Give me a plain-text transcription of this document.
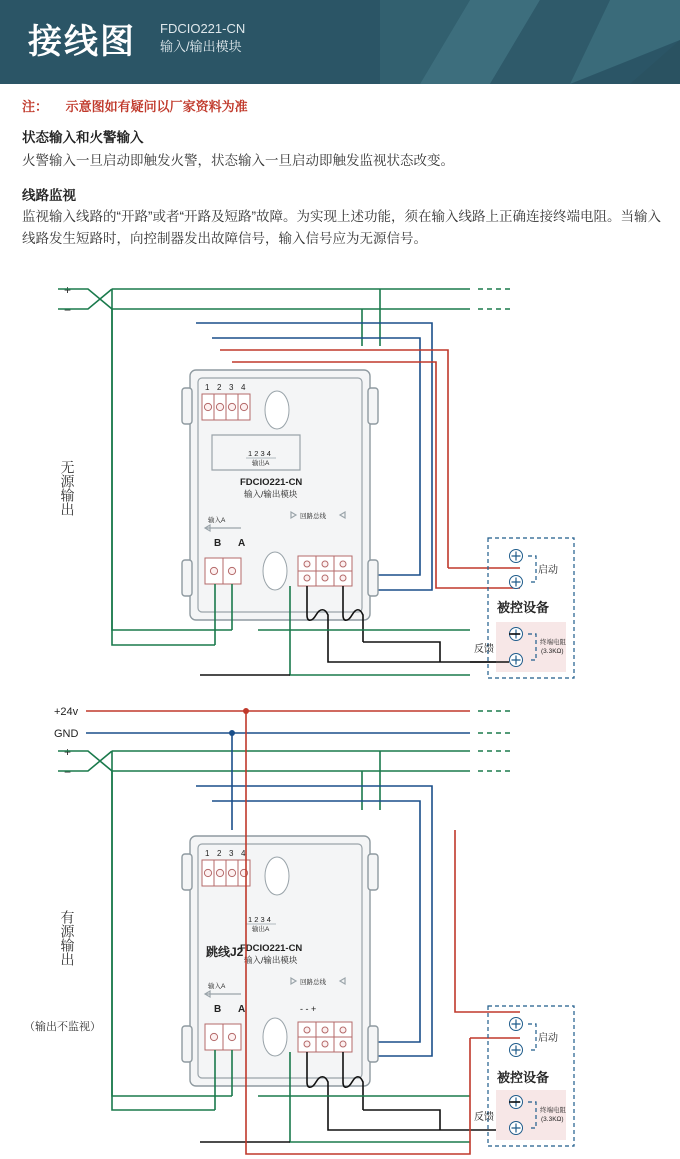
接线图 FDCIO221-CN
输入/输出模块
注： 示意图如有疑问以厂家资料为准
状态输入和火警输入
火警输入一旦启动即触发火警，状态输入一旦启动即触发监视状态改变。
线路监视
监视输入线路的“开路”或者“开路及短路”故障。为实现上述功能，须在输入线路上正确连接终端电阻。当输入线路发生短路时，向控制器发出故障信号，输入信号应为无源信号。
+
−
1 2 3 4
1 2 3 4
输出A
FDCIO221-CN
输入/输出模块
回路总线
输入A
B A
启动
被控设备
反馈
终端电阻
(3.3KΩ)
+24v
GND
+
−
1 2 3 4
1 2 3 4
输出A
FDCIO221-CN
输入/输出模块
回路总线
输入A
B A	- - +
跳线J2
启动
被控设备
反馈
终端电阻
(3.3KΩ)
无源输出
有源输出
（输出不监视）
